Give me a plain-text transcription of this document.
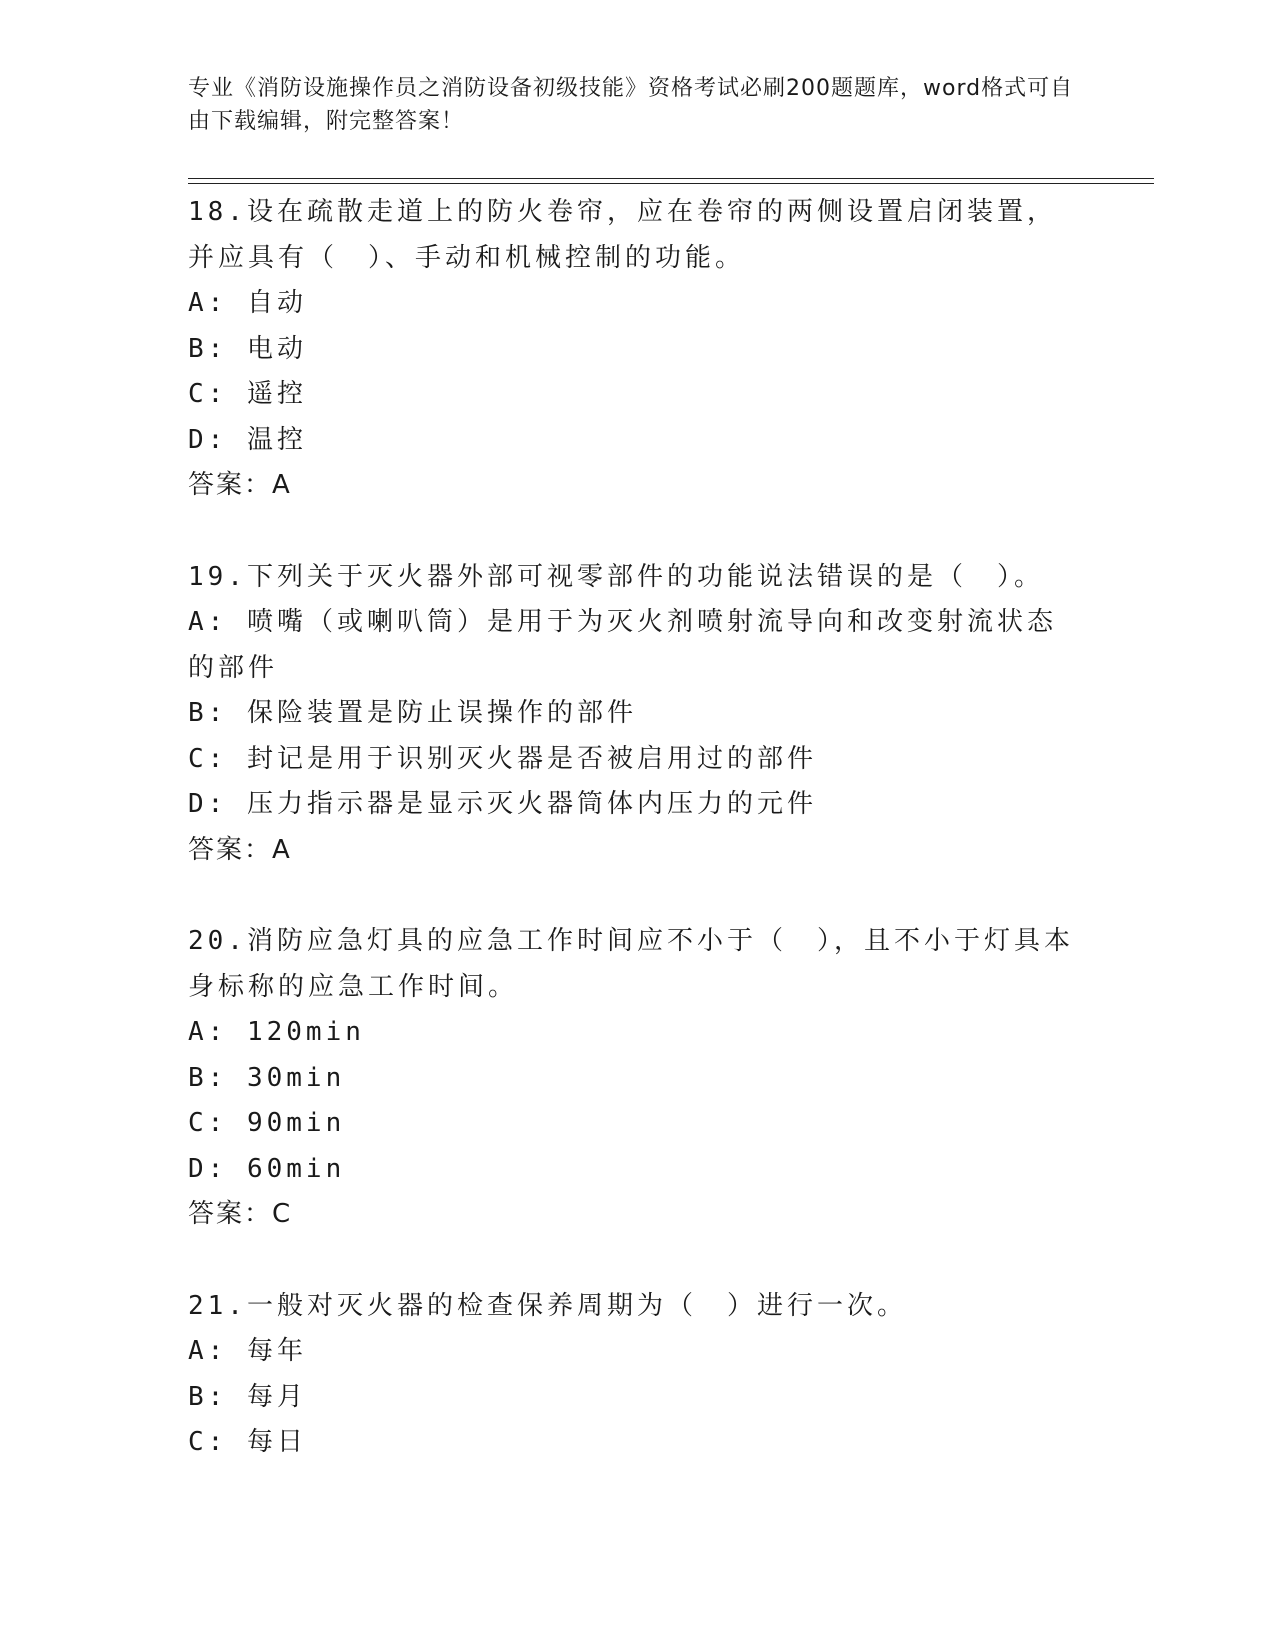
专业《消防设施操作员之消防设备初级技能》资格考试必刷200题题库，word格式可自由下载编辑，附完整答案！
18.设在疏散走道上的防火卷帘，应在卷帘的两侧设置启闭装置，并应具有（　）、手动和机械控制的功能。
A: 自动
B: 电动
C: 遥控
D: 温控
答案：A
19.下列关于灭火器外部可视零部件的功能说法错误的是（　）。
A: 喷嘴（或喇叭筒）是用于为灭火剂喷射流导向和改变射流状态的部件
B: 保险装置是防止误操作的部件
C: 封记是用于识别灭火器是否被启用过的部件
D: 压力指示器是显示灭火器筒体内压力的元件
答案：A
20.消防应急灯具的应急工作时间应不小于（　），且不小于灯具本身标称的应急工作时间。
A: 120min
B: 30min
C: 90min
D: 60min
答案：C
21.一般对灭火器的检查保养周期为（　）进行一次。
A: 每年
B: 每月
C: 每日
